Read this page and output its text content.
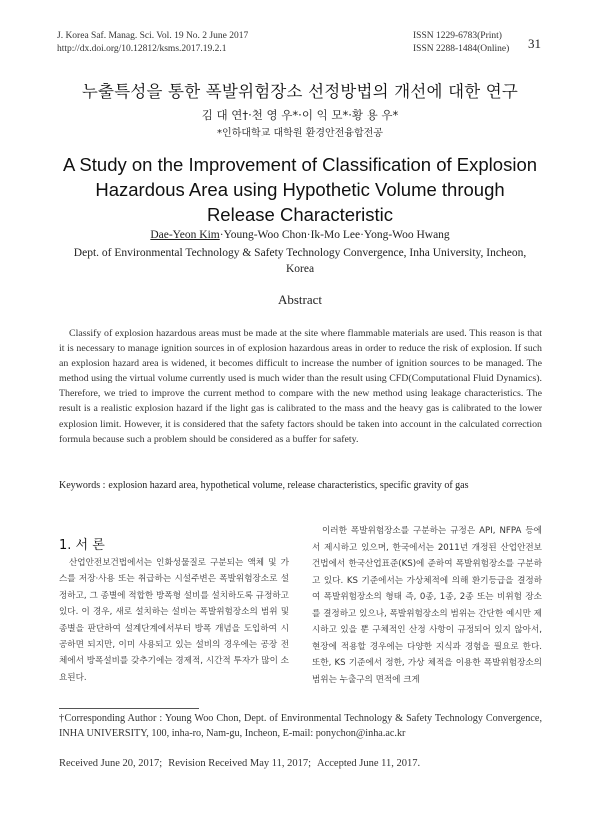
J. Korea Saf. Manag. Sci. Vol. 19 No. 2 June 2017
http://dx.doi.org/10.12812/ksms.2017.19.2.1
ISSN 1229-6783(Print)
ISSN 2288-1484(Online) 31
누출특성을 통한 폭발위험장소 선정방법의 개선에 대한 연구
김 대 연†·천 영 우*·이 익 모*·황 용 우*
*인하대학교 대학원 환경안전융합전공
A Study on the Improvement of Classification of Explosion Hazardous Area using Hypothetic Volume through Release Characteristic
Dae-Yeon Kim·Young-Woo Chon·Ik-Mo Lee·Yong-Woo Hwang
Dept. of Environmental Technology & Safety Technology Convergence, Inha University, Incheon, Korea
Abstract
Classify of explosion hazardous areas must be made at the site where flammable materials are used. This reason is that it is necessary to manage ignition sources in of explosion hazardous areas in order to reduce the risk of explosion. If such an explosion hazard area is widened, it becomes difficult to increase the number of ignition sources to be managed. The method using the virtual volume currently used is much wider than the result using CFD(Computational Fluid Dynamics). Therefore, we tried to improve the current method to compare with the new method using leakage characteristics. The result is a realistic explosion hazard if the light gas is calibrated to the mass and the heavy gas is calibrated to the lower explosion limit. However, it is considered that the safety factors should be taken into account in the calculated correction formula because such a problem should be considered as a buffer for safety.
Keywords : explosion hazard area, hypothetical volume, release characteristics, specific gravity of gas
1. 서 론
산업안전보건법에서는 인화성물질로 구분되는 액체 및 가스를 저장·사용 또는 취급하는 시설주변은 폭발위험장소로 설정하고, 그 종별에 적합한 방폭형 설비를 설치하도록 규정하고 있다. 이 경우, 새로 설치하는 설비는 폭발위험장소의 범위 및 종별을 판단하여 설계단계에서부터 방폭 개념을 도입하여 시공하면 되지만, 이미 사용되고 있는 설비의 경우에는 공장 전체에서 방폭설비를 갖추기에는 경제적, 시간적 투자가 많이 소요된다.
이러한 폭발위험장소를 구분하는 규정은 API, NFPA 등에서 제시하고 있으며, 한국에서는 2011년 개정된 산업안전보건법에서 한국산업표준(KS)에 준하여 폭발위험장소를 구분하고 있다. KS 기준에서는 가상체적에 의해 환기등급을 결정하여 폭발위험장소의 형태 즉, 0종, 1종, 2종 또는 비위험 장소를 결정하고 있으나, 폭발위험장소의 범위는 간단한 예시만 제시하고 있을 뿐 구체적인 산정 사항이 규정되어 있지 않아서, 현장에 적용할 경우에는 다양한 지식과 경험을 필요로 한다. 또한, KS 기준에서 정한, 가상 체적을 이용한 폭발위험장소의 범위는 누출구의 면적에 크게
†Corresponding Author : Young Woo Chon, Dept. of Environmental Technology & Safety Technology Convergence, INHA UNIVERSITY, 100, inha-ro, Nam-gu, Incheon, E-mail: ponychon@inha.ac.kr
Received June 20, 2017; Revision Received May 11, 2017; Accepted June 11, 2017.
